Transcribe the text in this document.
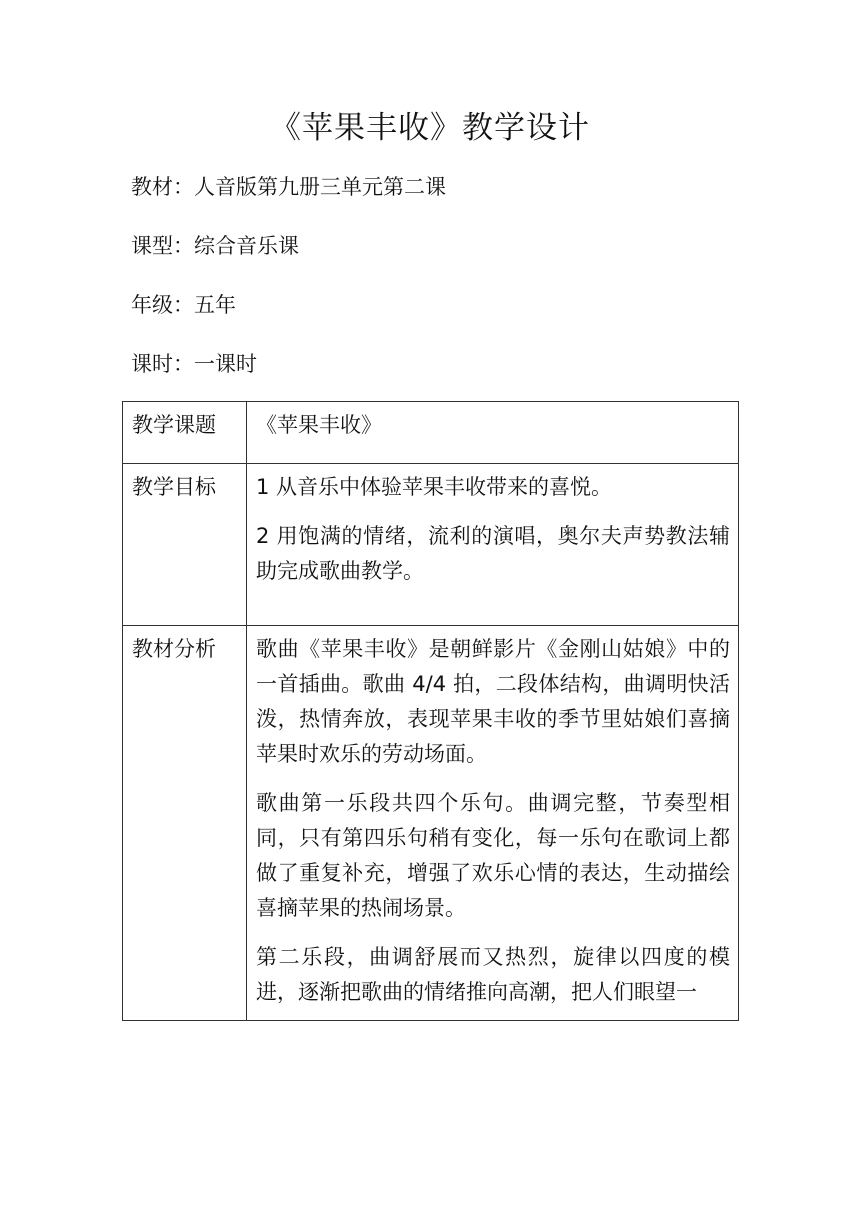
《苹果丰收》教学设计
教材：人音版第九册三单元第二课
课型：综合音乐课
年级：五年
课时：一课时
教学课题	《苹果丰收》

教学目标	1 从音乐中体验苹果丰收带来的喜悦。

2 用饱满的情绪，流利的演唱，奥尔夫声势教法辅助完成歌曲教学。

教材分析	歌曲《苹果丰收》是朝鲜影片《金刚山姑娘》中的一首插曲。歌曲 4/4 拍，二段体结构，曲调明快活泼，热情奔放，表现苹果丰收的季节里姑娘们喜摘苹果时欢乐的劳动场面。

歌曲第一乐段共四个乐句。曲调完整，节奏型相同，只有第四乐句稍有变化，每一乐句在歌词上都做了重复补充，增强了欢乐心情的表达，生动描绘喜摘苹果的热闹场景。

第二乐段，曲调舒展而又热烈，旋律以四度的模进，逐渐把歌曲的情绪推向高潮，把人们眼望一
